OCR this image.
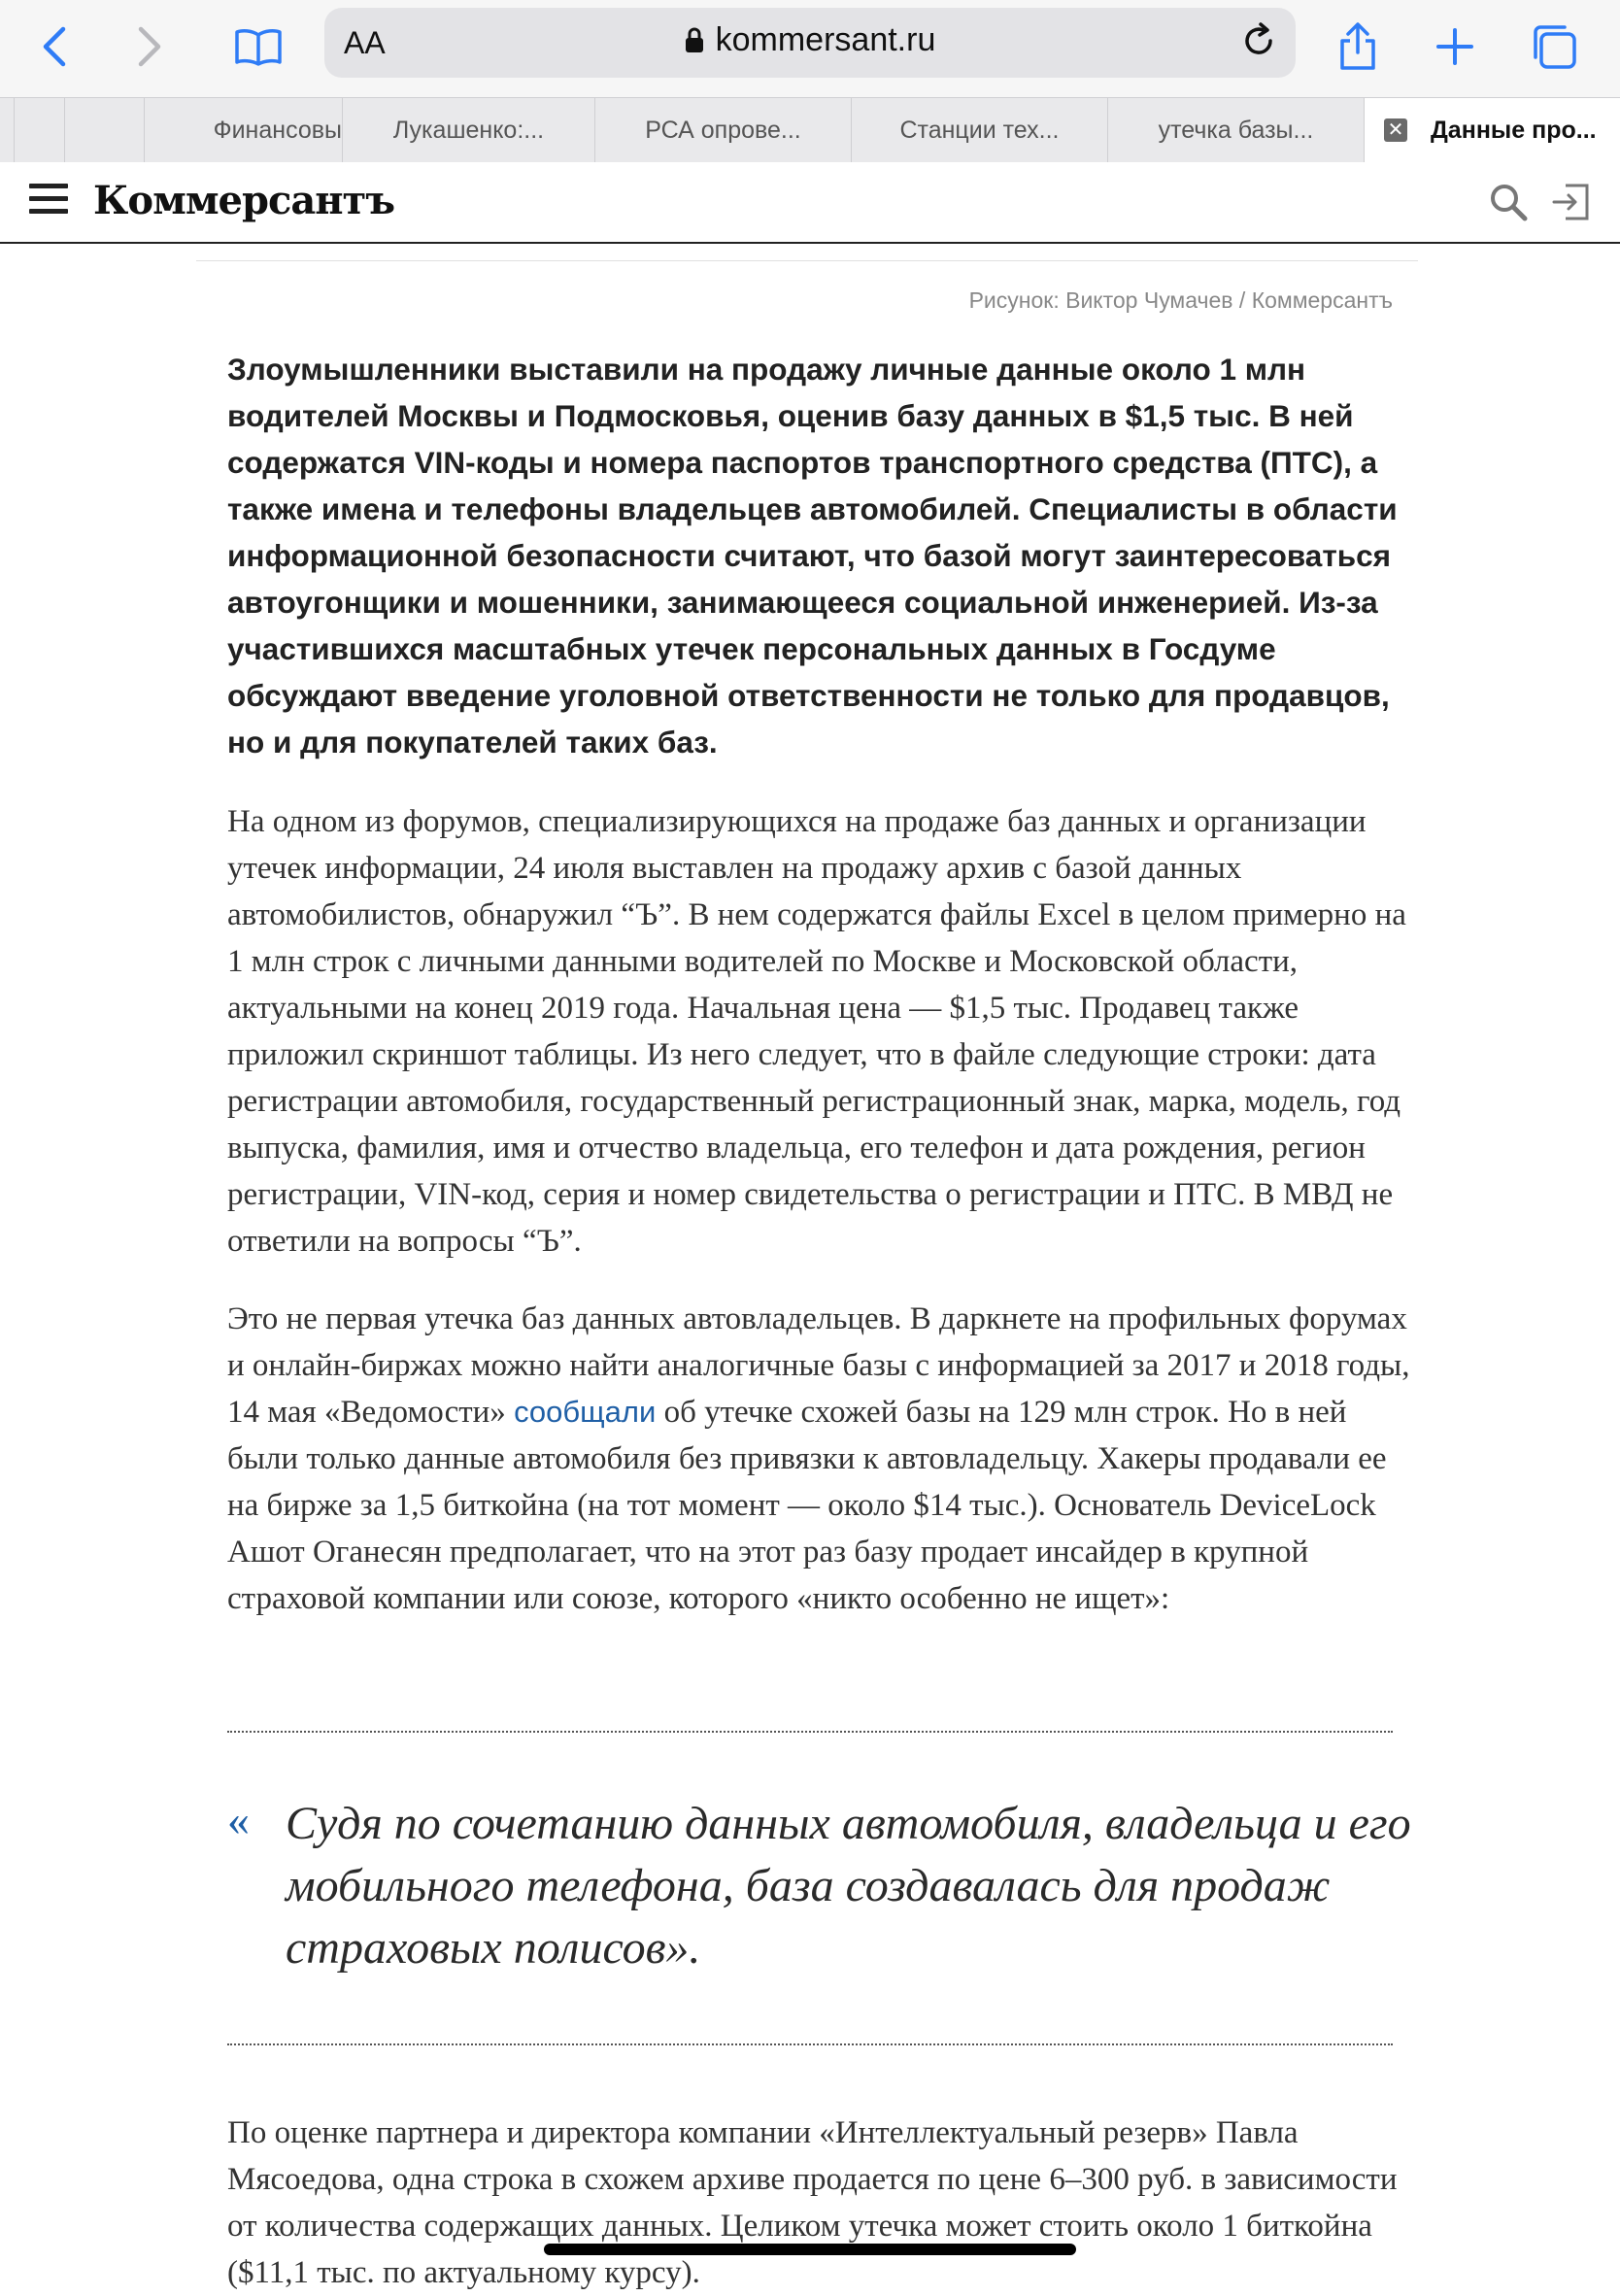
AA	kommersant.ru
Финансовы Лукашенко:...	РСА опрове...	Станции тех...	утечка базы...	✕ Данные про...
Коммерсантъ
Рисунок: Виктор Чумачев / Коммерсантъ
Злоумышленники выставили на продажу личные данные около 1 млн водителей Москвы и Подмосковья, оценив базу данных в $1,5 тыс. В ней содержатся VIN-коды и номера паспортов транспортного средства (ПТС), а также имена и телефоны владельцев автомобилей. Специалисты в области информационной безопасности считают, что базой могут заинтересоваться автоугонщики и мошенники, занимающееся социальной инженерией. Из-за участившихся масштабных утечек персональных данных в Госдуме обсуждают введение уголовной ответственности не только для продавцов, но и для покупателей таких баз.
На одном из форумов, специализирующихся на продаже баз данных и организации утечек информации, 24 июля выставлен на продажу архив с базой данных автомобилистов, обнаружил “Ъ”. В нем содержатся файлы Excel в целом примерно на 1 млн строк с личными данными водителей по Москве и Московской области, актуальными на конец 2019 года. Начальная цена — $1,5 тыс. Продавец также приложил скриншот таблицы. Из него следует, что в файле следующие строки: дата регистрации автомобиля, государственный регистрационный знак, марка, модель, год выпуска, фамилия, имя и отчество владельца, его телефон и дата рождения, регион регистрации, VIN-код, серия и номер свидетельства о регистрации и ПТС. В МВД не ответили на вопросы “Ъ”.
Это не первая утечка баз данных автовладельцев. В даркнете на профильных форумах и онлайн-биржах можно найти аналогичные базы с информацией за 2017 и 2018 годы, 14 мая «Ведомости» сообщали об утечке схожей базы на 129 млн строк. Но в ней были только данные автомобиля без привязки к автовладельцу. Хакеры продавали ее на бирже за 1,5 биткойна (на тот момент — около $14 тыс.). Основатель DeviceLock Ашот Оганесян предполагает, что на этот раз базу продает инсайдер в крупной страховой компании или союзе, которого «никто особенно не ищет»:
« Судя по сочетанию данных автомобиля, владельца и его мобильного телефона, база создавалась для продаж страховых полисов».
По оценке партнера и директора компании «Интеллектуальный резерв» Павла Мясоедова, одна строка в схожем архиве продается по цене 6–300 руб. в зависимости от количества содержащих данных. Целиком утечка может стоить около 1 биткойна ($11,1 тыс. по актуальному курсу).
